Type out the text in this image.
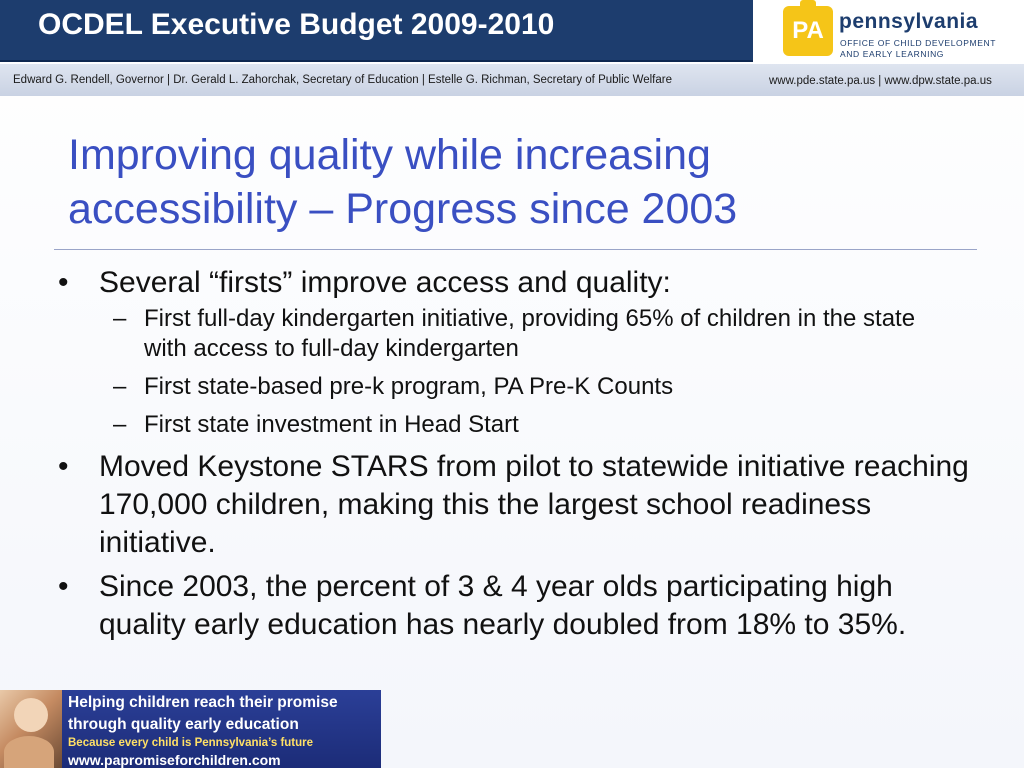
OCDEL Executive Budget 2009-2010	PA pennsylvania
OFFICE OF CHILD DEVELOPMENT
AND EARLY LEARNING
Edward G. Rendell, Governor | Dr. Gerald L. Zahorchak, Secretary of Education | Estelle G. Richman, Secretary of Public Welfare	www.pde.state.pa.us | www.dpw.state.pa.us
Improving quality while increasing
accessibility – Progress since 2003
• Several “firsts” improve access and quality:
– First full-day kindergarten initiative, providing 65% of children in the state with access to full-day kindergarten
– First state-based pre-k program, PA Pre-K Counts
– First state investment in Head Start
• Moved Keystone STARS from pilot to statewide initiative reaching 170,000 children, making this the largest school readiness initiative.
• Since 2003, the percent of 3 & 4 year olds participating high quality early education has nearly doubled from 18% to 35%.
Helping children reach their promise
through quality early education
Because every child is Pennsylvania’s future
www.papromiseforchildren.com
